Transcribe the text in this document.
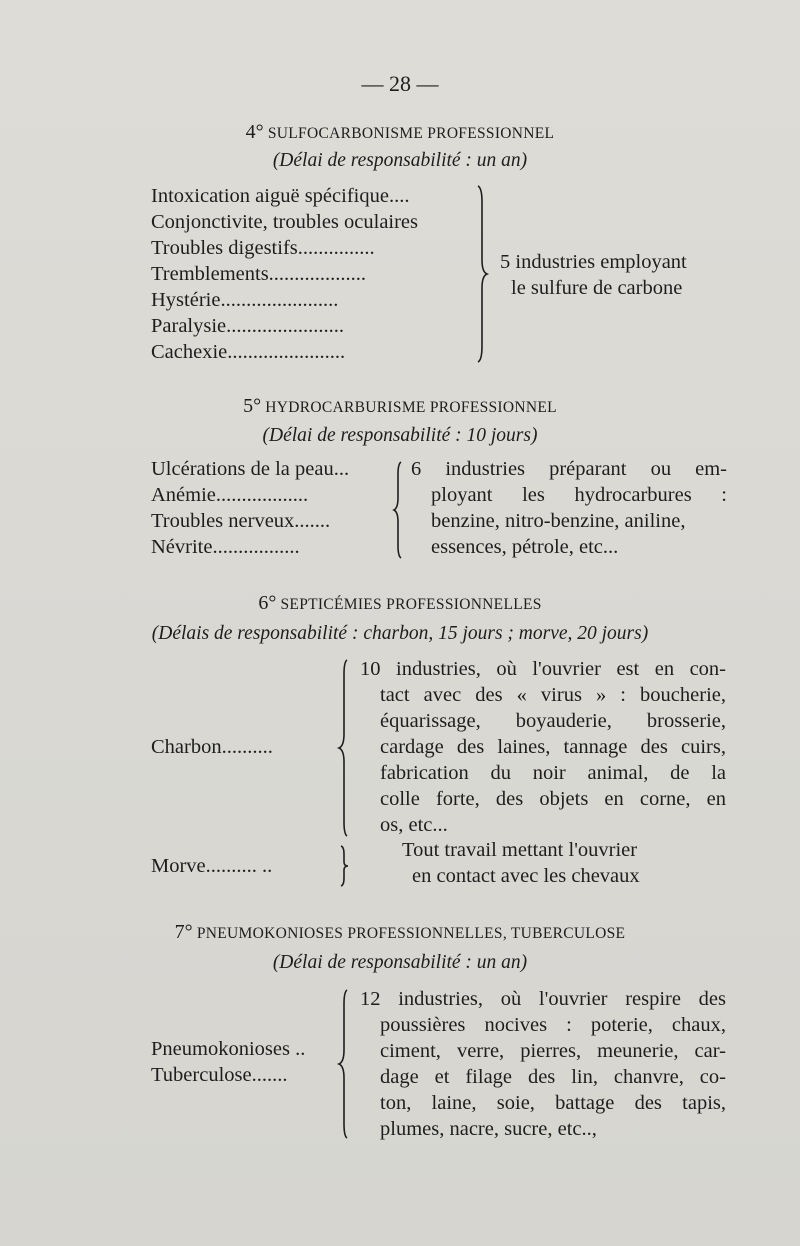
— 28 —
4° SULFOCARBONISME PROFESSIONNEL
(Délai de responsabilité : un an)
Intoxication aiguë spécifique....
Conjonctivite, troubles oculaires
Troubles digestifs...............
Tremblements...................
Hystérie.......................
Paralysie.......................
Cachexie.......................
5 industries employant
le sulfure de carbone
5° HYDROCARBURISME PROFESSIONNEL
(Délai de responsabilité : 10 jours)
Ulcérations de la peau...
Anémie..................
Troubles nerveux.......
Névrite.................
6 industries préparant ou em-
ployant les hydrocarbures :
benzine, nitro-benzine, aniline,
essences, pétrole, etc...
6° SEPTICÉMIES PROFESSIONNELLES
(Délais de responsabilité : charbon, 15 jours ; morve, 20 jours)
Charbon..........
10 industries, où l'ouvrier est en con-
tact avec des « virus » : boucherie,
équarissage, boyauderie, brosserie,
cardage des laines, tannage des cuirs,
fabrication du noir animal, de la
colle forte, des objets en corne, en
os, etc...
Morve.......... ..
Tout travail mettant l'ouvrier
en contact avec les chevaux
7° PNEUMOKONIOSES PROFESSIONNELLES, TUBERCULOSE
(Délai de responsabilité : un an)
Pneumokonioses ..
Tuberculose.......
12 industries, où l'ouvrier respire des
poussières nocives : poterie, chaux,
ciment, verre, pierres, meunerie, car-
dage et filage des lin, chanvre, co-
ton, laine, soie, battage des tapis,
plumes, nacre, sucre, etc..,
